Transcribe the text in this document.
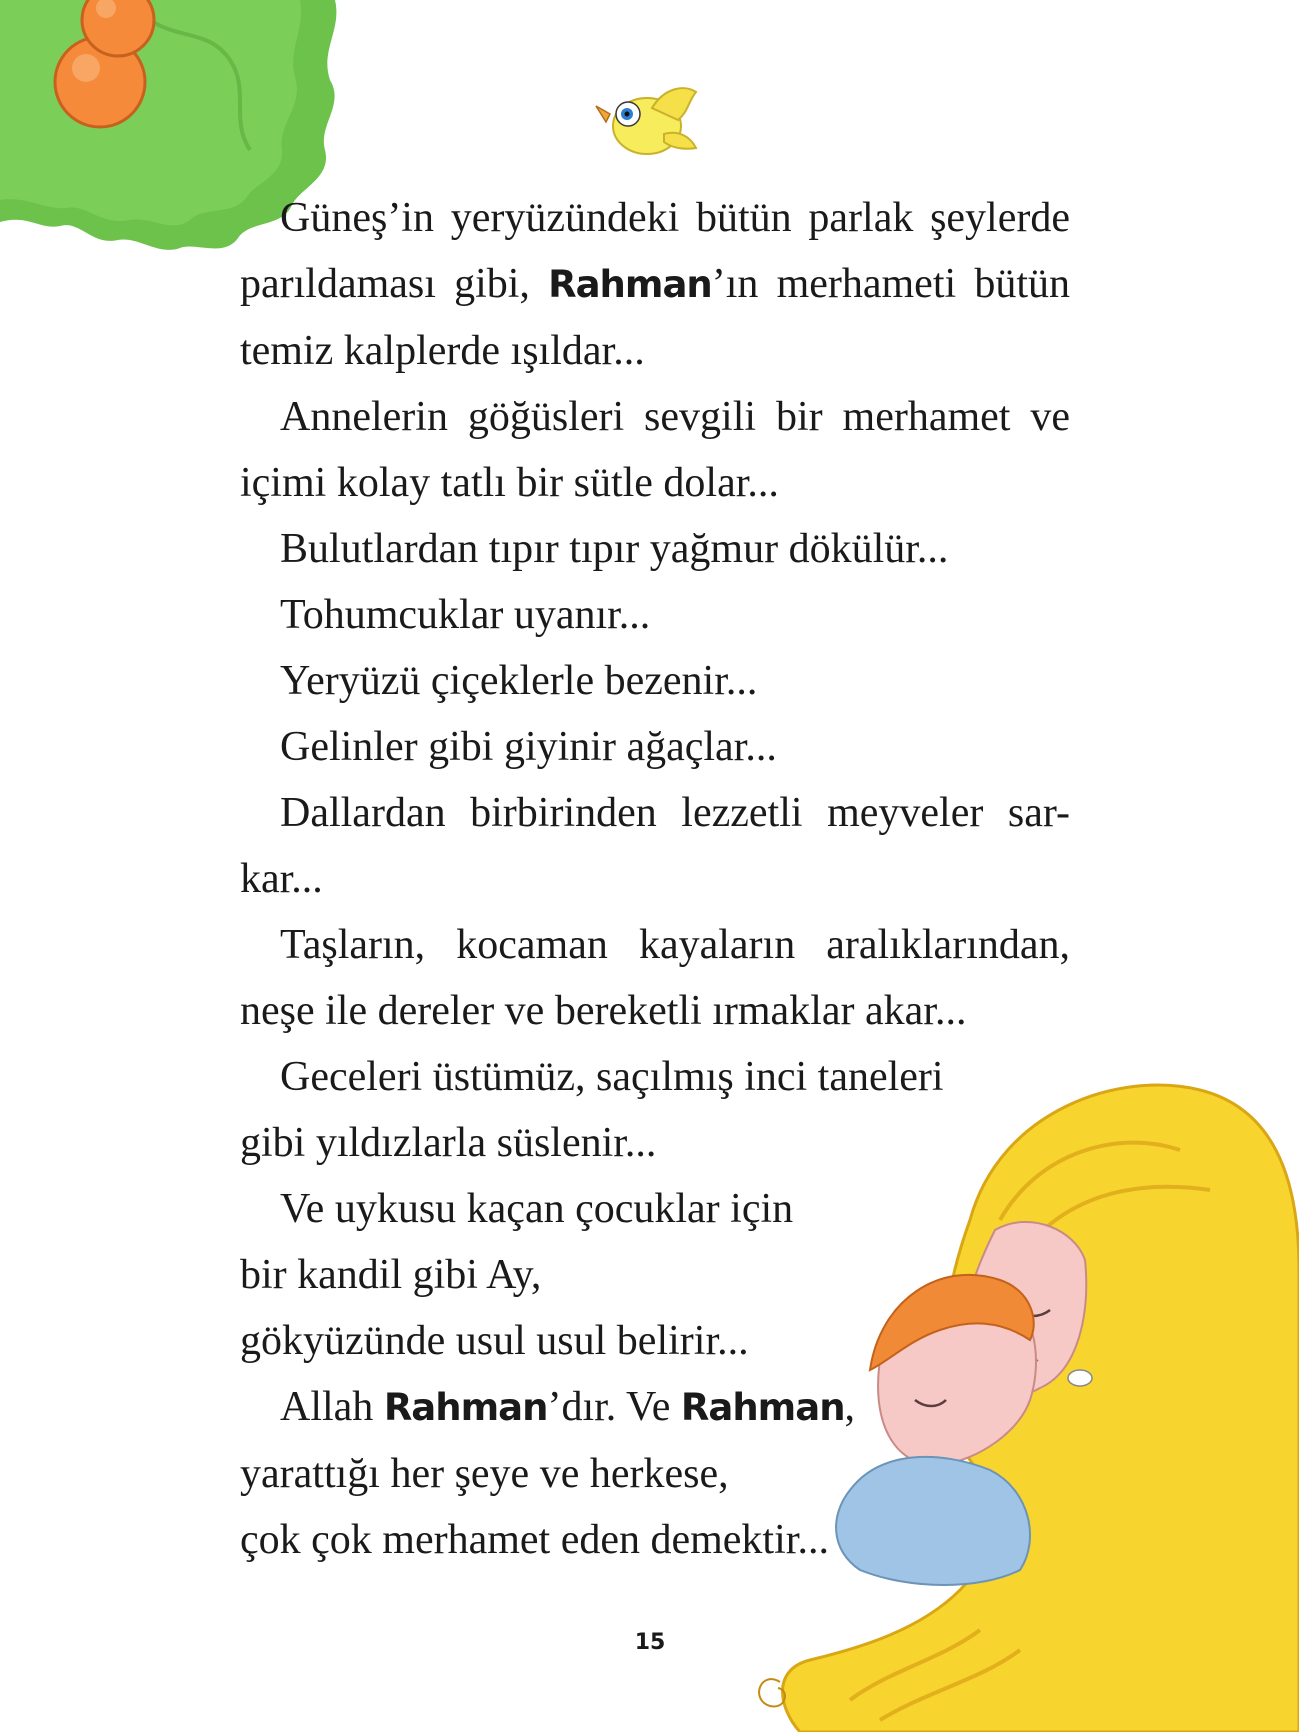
Güneş’in yeryüzündeki bütün parlak şeylerde
parıldaması gibi, Rahman’ın merhameti bütün
temiz kalplerde ışıldar...

Annelerin göğüsleri sevgili bir merhamet ve
içimi kolay tatlı bir sütle dolar...

Bulutlardan tıpır tıpır yağmur dökülür...

Tohumcuklar uyanır...

Yeryüzü çiçeklerle bezenir...

Gelinler gibi giyinir ağaçlar...

Dallardan birbirinden lezzetli meyveler sar-
kar...

Taşların, kocaman kayaların aralıklarından,
neşe ile dereler ve bereketli ırmaklar akar...

Geceleri üstümüz, saçılmış inci taneleri
gibi yıldızlarla süslenir...

Ve uykusu kaçan çocuklar için
bir kandil gibi Ay,
gökyüzünde usul usul belirir...

Allah Rahman’dır. Ve Rahman,
yarattığı her şeye ve herkese,
çok çok merhamet eden demektir...

15
